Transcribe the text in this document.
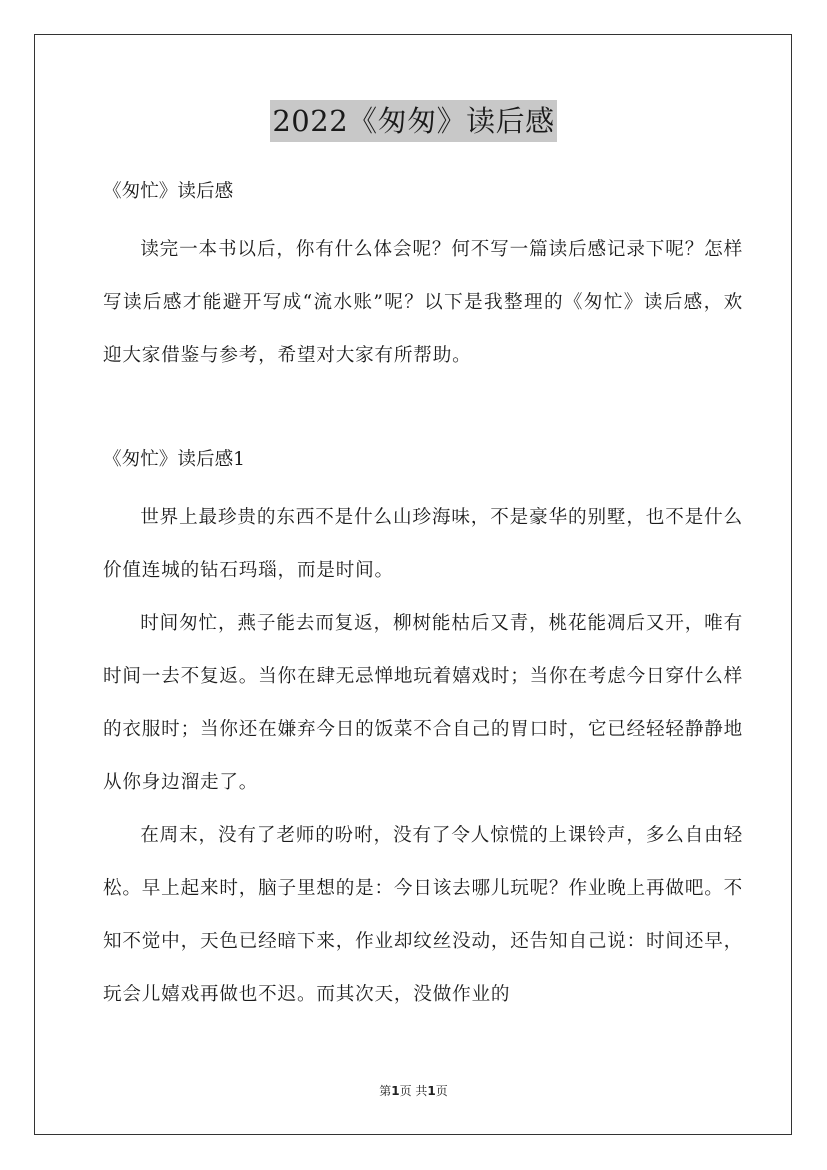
2022《匆匆》读后感
《匆忙》读后感

读完一本书以后，你有什么体会呢？何不写一篇读后感记录下呢？怎样写读后感才能避开写成“流水账”呢？以下是我整理的《匆忙》读后感，欢迎大家借鉴与参考，希望对大家有所帮助。

《匆忙》读后感1

世界上最珍贵的东西不是什么山珍海味，不是豪华的别墅，也不是什么价值连城的钻石玛瑙，而是时间。

时间匆忙，燕子能去而复返，柳树能枯后又青，桃花能凋后又开，唯有时间一去不复返。当你在肆无忌惮地玩着嬉戏时；当你在考虑今日穿什么样的衣服时；当你还在嫌弃今日的饭菜不合自己的胃口时，它已经轻轻静静地从你身边溜走了。

在周末，没有了老师的吩咐，没有了令人惊慌的上课铃声，多么自由轻松。早上起来时，脑子里想的是：今日该去哪儿玩呢？作业晚上再做吧。不知不觉中，天色已经暗下来，作业却纹丝没动，还告知自己说：时间还早，玩会儿嬉戏再做也不迟。而其次天，没做作业的

第1页 共1页
